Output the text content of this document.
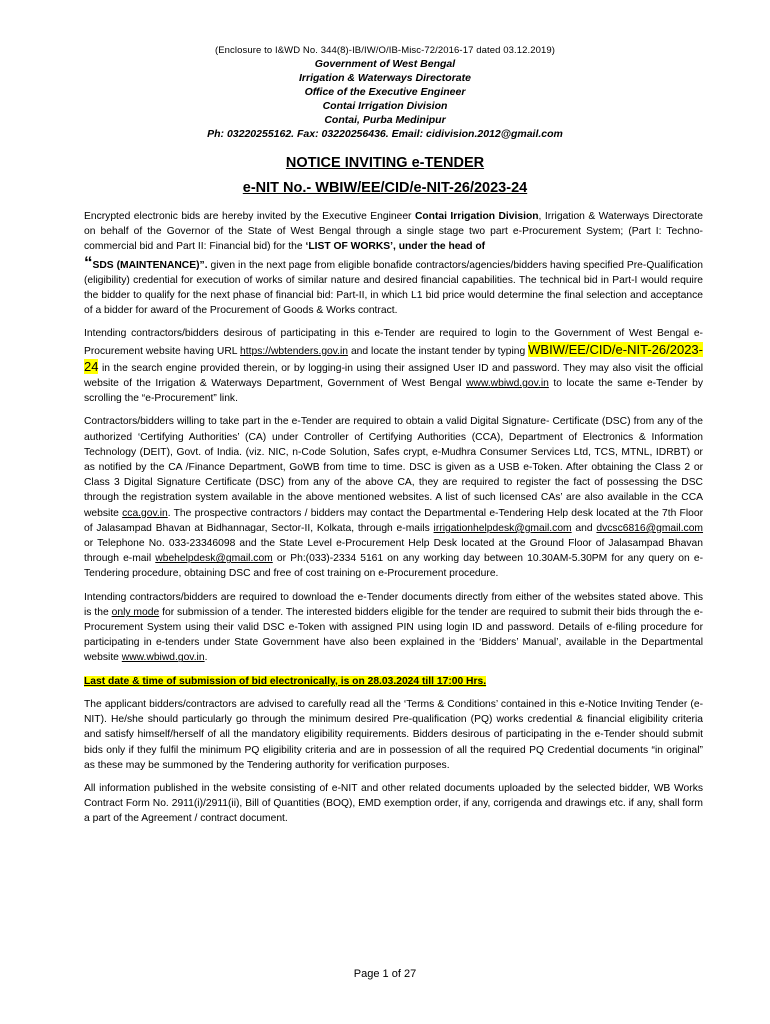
(Enclosure to I&WD No. 344(8)-IB/IW/O/IB-Misc-72/2016-17 dated 03.12.2019)
Government of West Bengal
Irrigation & Waterways Directorate
Office of the Executive Engineer
Contai Irrigation Division
Contai, Purba Medinipur
Ph: 03220255162. Fax: 03220256436. Email: cidivision.2012@gmail.com
NOTICE INVITING e-TENDER
e-NIT No.- WBIW/EE/CID/e-NIT-26/2023-24

Encrypted electronic bids are hereby invited by the Executive Engineer Contai Irrigation Division, Irrigation & Waterways Directorate on behalf of the Governor of the State of West Bengal through a single stage two part e-Procurement System; (Part I: Techno-commercial bid and Part II: Financial bid) for the ‘LIST OF WORKS’, under the head of
“SDS (MAINTENANCE)”. given in the next page from eligible bonafide contractors/agencies/bidders having specified Pre-Qualification (eligibility) credential for execution of works of similar nature and desired financial capabilities. The technical bid in Part-I would require the bidder to qualify for the next phase of financial bid: Part-II, in which L1 bid price would determine the final selection and acceptance of a bidder for award of the Procurement of Goods & Works contract.

Intending contractors/bidders desirous of participating in this e-Tender are required to login to the Government of West Bengal e-Procurement website having URL https://wbtenders.gov.in and locate the instant tender by typing WBIW/EE/CID/e-NIT-26/2023-24 in the search engine provided therein, or by logging-in using their assigned User ID and password. They may also visit the official website of the Irrigation & Waterways Department, Government of West Bengal www.wbiwd.gov.in to locate the same e-Tender by scrolling the “e-Procurement” link.

Contractors/bidders willing to take part in the e-Tender are required to obtain a valid Digital Signature- Certificate (DSC) from any of the authorized ‘Certifying Authorities’ (CA) under Controller of Certifying Authorities (CCA), Department of Electronics & Information Technology (DEIT), Govt. of India. (viz. NIC, n-Code Solution, Safes crypt, e-Mudhra Consumer Services Ltd, TCS, MTNL, IDRBT) or as notified by the CA /Finance Department, GoWB from time to time. DSC is given as a USB e-Token. After obtaining the Class 2 or Class 3 Digital Signature Certificate (DSC) from any of the above CA, they are required to register the fact of possessing the DSC through the registration system available in the above mentioned websites. A list of such licensed CAs’ are also available in the CCA website cca.gov.in. The prospective contractors / bidders may contact the Departmental e-Tendering Help desk located at the 7th Floor of Jalasampad Bhavan at Bidhannagar, Sector-II, Kolkata, through e-mails irrigationhelpdesk@gmail.com and dvcsc6816@gmail.com or Telephone No. 033-23346098 and the State Level e-Procurement Help Desk located at the Ground Floor of Jalasampad Bhavan through e-mail wbehelpdesk@gmail.com or Ph:(033)-2334 5161 on any working day between 10.30AM-5.30PM for any query on e-Tendering procedure, obtaining DSC and free of cost training on e-Procurement procedure.

Intending contractors/bidders are required to download the e-Tender documents directly from either of the websites stated above. This is the only mode for submission of a tender. The interested bidders eligible for the tender are required to submit their bids through the e-Procurement System using their valid DSC e-Token with assigned PIN using login ID and password. Details of e-filing procedure for participating in e-tenders under State Government have also been explained in the ‘Bidders’ Manual’, available in the Departmental website www.wbiwd.gov.in.

Last date & time of submission of bid electronically, is on 28.03.2024 till 17:00 Hrs.

The applicant bidders/contractors are advised to carefully read all the ‘Terms & Conditions’ contained in this e-Notice Inviting Tender (e-NIT). He/she should particularly go through the minimum desired Pre-qualification (PQ) works credential & financial eligibility criteria and satisfy himself/herself of all the mandatory eligibility requirements. Bidders desirous of participating in the e-Tender should submit bids only if they fulfil the minimum PQ eligibility criteria and are in possession of all the required PQ Credential documents “in original” as these may be summoned by the Tendering authority for verification purposes.

All information published in the website consisting of e-NIT and other related documents uploaded by the selected bidder, WB Works Contract Form No. 2911(i)/2911(ii), Bill of Quantities (BOQ), EMD exemption order, if any, corrigenda and drawings etc. if any, shall form a part of the Agreement / contract document.

Page 1 of 27
